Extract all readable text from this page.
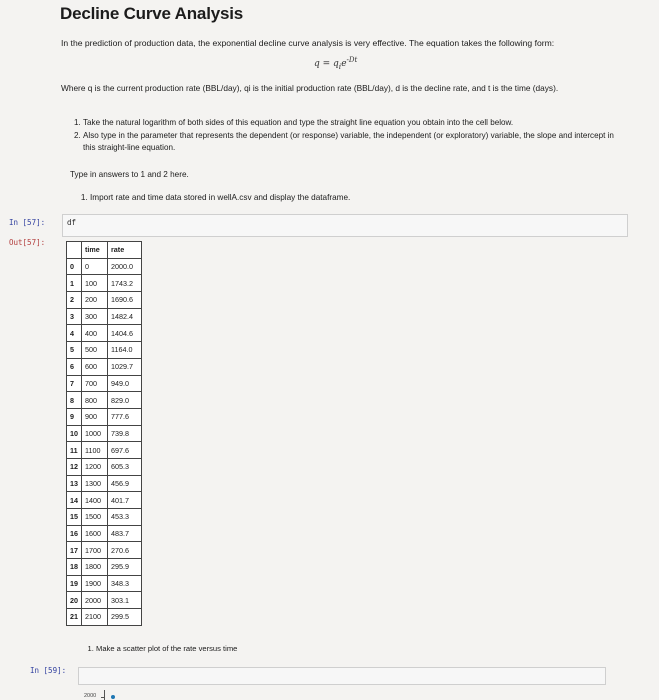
Decline Curve Analysis
In the prediction of production data, the exponential decline curve analysis is very effective. The equation takes the following form:
$q = q_ie^{-Dt}$
Where q is the current production rate (BBL/day), qi is the initial production rate (BBL/day), d is the decline rate, and t is the time (days).
1. Take the natural logarithm of both sides of this equation and type the straight line equation you obtain into the cell below.
2. Also type in the parameter that represents the dependent (or response) variable, the independent (or exploratory) variable, the slope and intercept in this straight-line equation.
Type in answers to 1 and 2 here.
1. Import rate and time data stored in wellA.csv and display the dataframe.
In [57]:	df
Out[57]:
	time	rate
0	0	2000.0
1	100	1743.2
2	200	1690.6
3	300	1482.4
4	400	1404.6
5	500	1164.0
6	600	1029.7
7	700	949.0
8	800	829.0
9	900	777.6
10	1000	739.8
11	1100	697.6
12	1200	605.3
13	1300	456.9
14	1400	401.7
15	1500	453.3
16	1600	483.7
17	1700	270.6
18	1800	295.9
19	1900	348.3
20	2000	303.1
21	2100	299.5
1. Make a scatter plot of the rate versus time
In [59]:
2000
